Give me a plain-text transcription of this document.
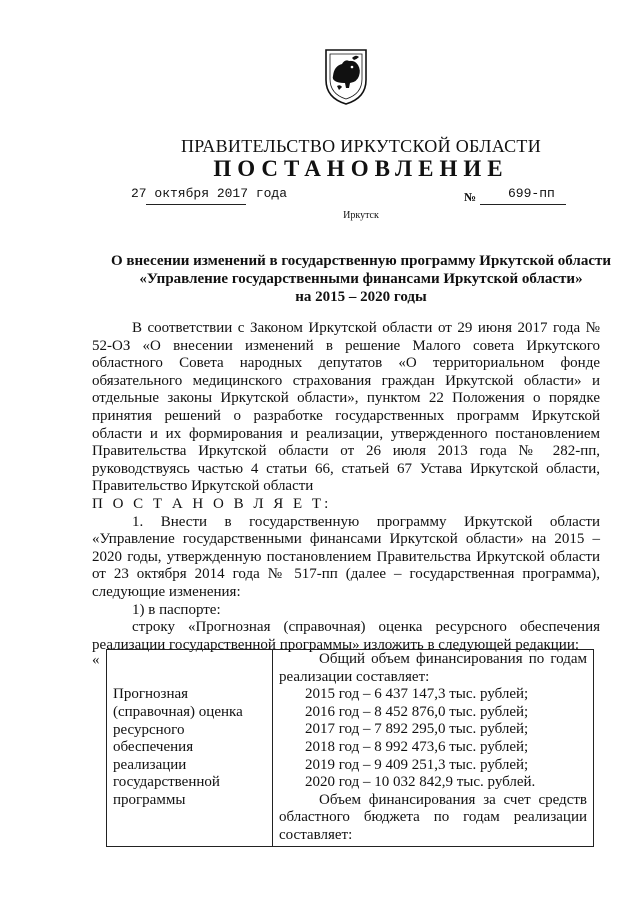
ПРАВИТЕЛЬСТВО ИРКУТСКОЙ ОБЛАСТИ
ПОСТАНОВЛЕНИЕ
27 октября 2017 года	№ 699-пп
Иркутск
О внесении изменений в государственную программу Иркутской области
«Управление государственными финансами Иркутской области»
на 2015 – 2020 годы

В соответствии с Законом Иркутской области от 29 июня 2017 года № 52-ОЗ «О внесении изменений в решение Малого совета Иркутского областного Совета народных депутатов «О территориальном фонде обязательного медицинского страхования граждан Иркутской области» и отдельные законы Иркутской области», пунктом 22 Положения о порядке принятия решений о разработке государственных программ Иркутской области и их формирования и реализации, утвержденного постановлением Правительства Иркутской области от 26 июля 2013 года № 282-пп, руководствуясь частью 4 статьи 66, статьей 67 Устава Иркутской области, Правительство Иркутской области

П О С Т А Н О В Л Я Е Т:

1. Внести в государственную программу Иркутской области «Управление государственными финансами Иркутской области» на 2015 – 2020 годы, утвержденную постановлением Правительства Иркутской области от 23 октября 2014 года № 517-пп (далее – государственная программа), следующие изменения:

1) в паспорте:

строку «Прогнозная (справочная) оценка ресурсного обеспечения реализации государственной программы» изложить в следующей редакции:

«
Прогнозная (справочная) оценка ресурсного обеспечения реализации государственной программы

Общий объем финансирования по годам реализации составляет:

2015 год – 6 437 147,3 тыс. рублей;

2016 год – 8 452 876,0 тыс. рублей;

2017 год – 7 892 295,0 тыс. рублей;

2018 год – 8 992 473,6 тыс. рублей;

2019 год – 9 409 251,3 тыс. рублей;

2020 год – 10 032 842,9 тыс. рублей.

Объем финансирования за счет средств областного бюджета по годам реализации составляет:
